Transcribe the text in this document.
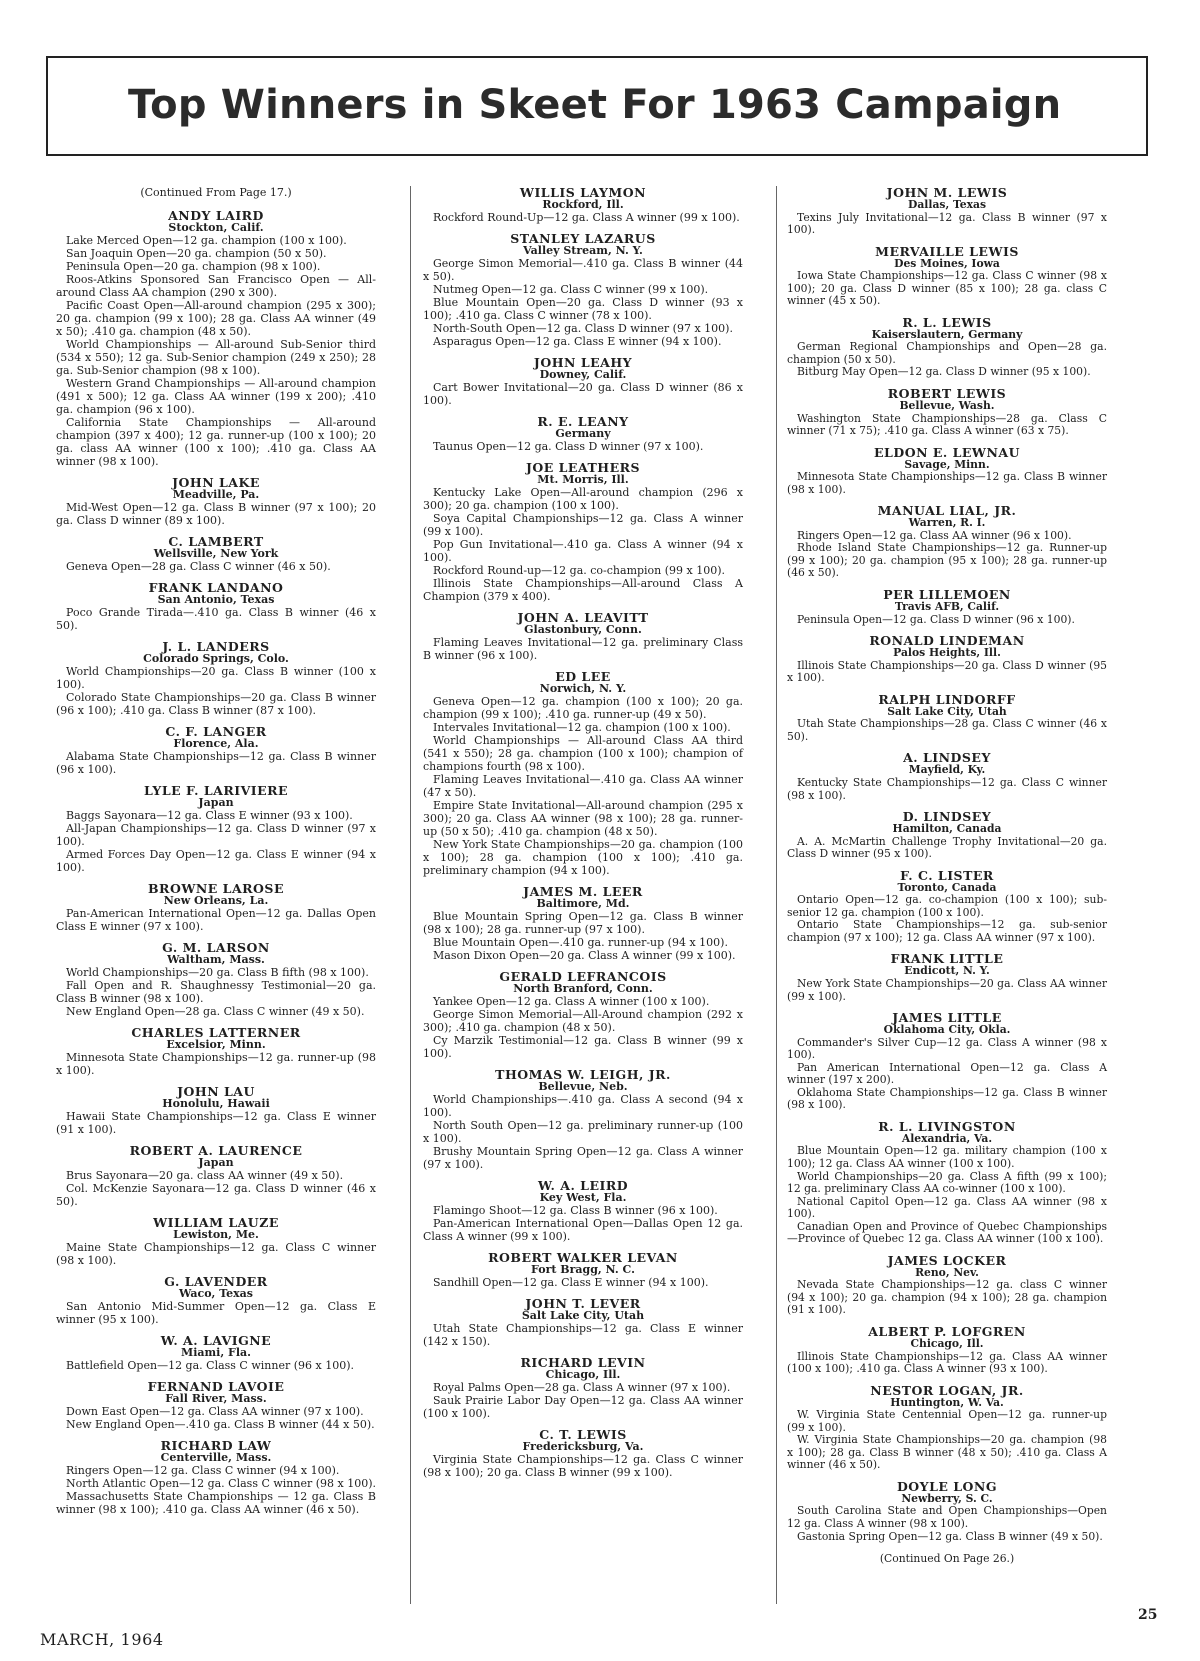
Top Winners in Skeet For 1963 Campaign
(Continued From Page 17.)
ANDY LAIRD
Stockton, Calif.
Lake Merced Open—12 ga. champion (100 x 100).
San Joaquin Open—20 ga. champion (50 x 50).
Peninsula Open—20 ga. champion (98 x 100).
Roos-Atkins Sponsored San Francisco Open — All-around Class AA champion (290 x 300).
Pacific Coast Open—All-around champion (295 x 300); 20 ga. champion (99 x 100); 28 ga. Class AA winner (49 x 50); .410 ga. champion (48 x 50).
World Championships — All-around Sub-Senior third (534 x 550); 12 ga. Sub-Senior champion (249 x 250); 28 ga. Sub-Senior champion (98 x 100).
Western Grand Championships — All-around champion (491 x 500); 12 ga. Class AA winner (199 x 200); .410 ga. champion (96 x 100).
California State Championships — All-around champion (397 x 400); 12 ga. runner-up (100 x 100); 20 ga. class AA winner (100 x 100); .410 ga. Class AA winner (98 x 100).
JOHN LAKE
Meadville, Pa.
Mid-West Open—12 ga. Class B winner (97 x 100); 20 ga. Class D winner (89 x 100).
C. LAMBERT
Wellsville, New York
Geneva Open—28 ga. Class C winner (46 x 50).
FRANK LANDANO
San Antonio, Texas
Poco Grande Tirada—.410 ga. Class B winner (46 x 50).
J. L. LANDERS
Colorado Springs, Colo.
World Championships—20 ga. Class B winner (100 x 100).
Colorado State Championships—20 ga. Class B winner (96 x 100); .410 ga. Class B winner (87 x 100).
C. F. LANGER
Florence, Ala.
Alabama State Championships—12 ga. Class B winner (96 x 100).
LYLE F. LARIVIERE
Japan
Baggs Sayonara—12 ga. Class E winner (93 x 100).
All-Japan Championships—12 ga. Class D winner (97 x 100).
Armed Forces Day Open—12 ga. Class E winner (94 x 100).
BROWNE LAROSE
New Orleans, La.
Pan-American International Open—12 ga. Dallas Open Class E winner (97 x 100).
G. M. LARSON
Waltham, Mass.
World Championships—20 ga. Class B fifth (98 x 100).
Fall Open and R. Shaughnessy Testimonial—20 ga. Class B winner (98 x 100).
New England Open—28 ga. Class C winner (49 x 50).
CHARLES LATTERNER
Excelsior, Minn.
Minnesota State Championships—12 ga. runner-up (98 x 100).
JOHN LAU
Honolulu, Hawaii
Hawaii State Championships—12 ga. Class E winner (91 x 100).
ROBERT A. LAURENCE
Japan
Brus Sayonara—20 ga. class AA winner (49 x 50).
Col. McKenzie Sayonara—12 ga. Class D winner (46 x 50).
WILLIAM LAUZE
Lewiston, Me.
Maine State Championships—12 ga. Class C winner (98 x 100).
G. LAVENDER
Waco, Texas
San Antonio Mid-Summer Open—12 ga. Class E winner (95 x 100).
W. A. LAVIGNE
Miami, Fla.
Battlefield Open—12 ga. Class C winner (96 x 100).
FERNAND LAVOIE
Fall River, Mass.
Down East Open—12 ga. Class AA winner (97 x 100).
New England Open—.410 ga. Class B winner (44 x 50).
RICHARD LAW
Centerville, Mass.
Ringers Open—12 ga. Class C winner (94 x 100).
North Atlantic Open—12 ga. Class C winner (98 x 100).
Massachusetts State Championships — 12 ga. Class B winner (98 x 100); .410 ga. Class AA winner (46 x 50).
WILLIS LAYMON
Rockford, Ill.
Rockford Round-Up—12 ga. Class A winner (99 x 100).
STANLEY LAZARUS
Valley Stream, N. Y.
George Simon Memorial—.410 ga. Class B winner (44 x 50).
Nutmeg Open—12 ga. Class C winner (99 x 100).
Blue Mountain Open—20 ga. Class D winner (93 x 100); .410 ga. Class C winner (78 x 100).
North-South Open—12 ga. Class D winner (97 x 100).
Asparagus Open—12 ga. Class E winner (94 x 100).
JOHN LEAHY
Downey, Calif.
Cart Bower Invitational—20 ga. Class D winner (86 x 100).
R. E. LEANY
Germany
Taunus Open—12 ga. Class D winner (97 x 100).
JOE LEATHERS
Mt. Morris, Ill.
Kentucky Lake Open—All-around champion (296 x 300); 20 ga. champion (100 x 100).
Soya Capital Championships—12 ga. Class A winner (99 x 100).
Pop Gun Invitational—.410 ga. Class A winner (94 x 100).
Rockford Round-up—12 ga. co-champion (99 x 100).
Illinois State Championships—All-around Class A Champion (379 x 400).
JOHN A. LEAVITT
Glastonbury, Conn.
Flaming Leaves Invitational—12 ga. preliminary Class B winner (96 x 100).
ED LEE
Norwich, N. Y.
Geneva Open—12 ga. champion (100 x 100); 20 ga. champion (99 x 100); .410 ga. runner-up (49 x 50).
Intervales Invitational—12 ga. champion (100 x 100).
World Championships — All-around Class AA third (541 x 550); 28 ga. champion (100 x 100); champion of champions fourth (98 x 100).
Flaming Leaves Invitational—.410 ga. Class AA winner (47 x 50).
Empire State Invitational—All-around champion (295 x 300); 20 ga. Class AA winner (98 x 100); 28 ga. runner-up (50 x 50); .410 ga. champion (48 x 50).
New York State Championships—20 ga. champion (100 x 100); 28 ga. champion (100 x 100); .410 ga. preliminary champion (94 x 100).
JAMES M. LEER
Baltimore, Md.
Blue Mountain Spring Open—12 ga. Class B winner (98 x 100); 28 ga. runner-up (97 x 100).
Blue Mountain Open—.410 ga. runner-up (94 x 100).
Mason Dixon Open—20 ga. Class A winner (99 x 100).
GERALD LEFRANCOIS
North Branford, Conn.
Yankee Open—12 ga. Class A winner (100 x 100).
George Simon Memorial—All-Around champion (292 x 300); .410 ga. champion (48 x 50).
Cy Marzik Testimonial—12 ga. Class B winner (99 x 100).
THOMAS W. LEIGH, JR.
Bellevue, Neb.
World Championships—.410 ga. Class A second (94 x 100).
North South Open—12 ga. preliminary runner-up (100 x 100).
Brushy Mountain Spring Open—12 ga. Class A winner (97 x 100).
W. A. LEIRD
Key West, Fla.
Flamingo Shoot—12 ga. Class B winner (96 x 100).
Pan-American International Open—Dallas Open 12 ga. Class A winner (99 x 100).
ROBERT WALKER LEVAN
Fort Bragg, N. C.
Sandhill Open—12 ga. Class E winner (94 x 100).
JOHN T. LEVER
Salt Lake City, Utah
Utah State Championships—12 ga. Class E winner (142 x 150).
RICHARD LEVIN
Chicago, Ill.
Royal Palms Open—28 ga. Class A winner (97 x 100).
Sauk Prairie Labor Day Open—12 ga. Class AA winner (100 x 100).
C. T. LEWIS
Fredericksburg, Va.
Virginia State Championships—12 ga. Class C winner (98 x 100); 20 ga. Class B winner (99 x 100).
JOHN M. LEWIS
Dallas, Texas
Texins July Invitational—12 ga. Class B winner (97 x 100).
MERVAILLE LEWIS
Des Moines, Iowa
Iowa State Championships—12 ga. Class C winner (98 x 100); 20 ga. Class D winner (85 x 100); 28 ga. class C winner (45 x 50).
R. L. LEWIS
Kaiserslautern, Germany
German Regional Championships and Open—28 ga. champion (50 x 50).
Bitburg May Open—12 ga. Class D winner (95 x 100).
ROBERT LEWIS
Bellevue, Wash.
Washington State Championships—28 ga. Class C winner (71 x 75); .410 ga. Class A winner (63 x 75).
ELDON E. LEWNAU
Savage, Minn.
Minnesota State Championships—12 ga. Class B winner (98 x 100).
MANUAL LIAL, JR.
Warren, R. I.
Ringers Open—12 ga. Class AA winner (96 x 100).
Rhode Island State Championships—12 ga. Runner-up (99 x 100); 20 ga. champion (95 x 100); 28 ga. runner-up (46 x 50).
PER LILLEMOEN
Travis AFB, Calif.
Peninsula Open—12 ga. Class D winner (96 x 100).
RONALD LINDEMAN
Palos Heights, Ill.
Illinois State Championships—20 ga. Class D winner (95 x 100).
RALPH LINDORFF
Salt Lake City, Utah
Utah State Championships—28 ga. Class C winner (46 x 50).
A. LINDSEY
Mayfield, Ky.
Kentucky State Championships—12 ga. Class C winner (98 x 100).
D. LINDSEY
Hamilton, Canada
A. A. McMartin Challenge Trophy Invitational—20 ga. Class D winner (95 x 100).
F. C. LISTER
Toronto, Canada
Ontario Open—12 ga. co-champion (100 x 100); sub-senior 12 ga. champion (100 x 100).
Ontario State Championships—12 ga. sub-senior champion (97 x 100); 12 ga. Class AA winner (97 x 100).
FRANK LITTLE
Endicott, N. Y.
New York State Championships—20 ga. Class AA winner (99 x 100).
JAMES LITTLE
Oklahoma City, Okla.
Commander's Silver Cup—12 ga. Class A winner (98 x 100).
Pan American International Open—12 ga. Class A winner (197 x 200).
Oklahoma State Championships—12 ga. Class B winner (98 x 100).
R. L. LIVINGSTON
Alexandria, Va.
Blue Mountain Open—12 ga. military champion (100 x 100); 12 ga. Class AA winner (100 x 100).
World Championships—20 ga. Class A fifth (99 x 100); 12 ga. preliminary Class AA co-winner (100 x 100).
National Capitol Open—12 ga. Class AA winner (98 x 100).
Canadian Open and Province of Quebec Championships—Province of Quebec 12 ga. Class AA winner (100 x 100).
JAMES LOCKER
Reno, Nev.
Nevada State Championships—12 ga. class C winner (94 x 100); 20 ga. champion (94 x 100); 28 ga. champion (91 x 100).
ALBERT P. LOFGREN
Chicago, Ill.
Illinois State Championships—12 ga. Class AA winner (100 x 100); .410 ga. Class A winner (93 x 100).
NESTOR LOGAN, JR.
Huntington, W. Va.
W. Virginia State Centennial Open—12 ga. runner-up (99 x 100).
W. Virginia State Championships—20 ga. champion (98 x 100); 28 ga. Class B winner (48 x 50); .410 ga. Class A winner (46 x 50).
DOYLE LONG
Newberry, S. C.
South Carolina State and Open Championships—Open 12 ga. Class A winner (98 x 100).
Gastonia Spring Open—12 ga. Class B winner (49 x 50).
(Continued On Page 26.)
MARCH, 1964
25
